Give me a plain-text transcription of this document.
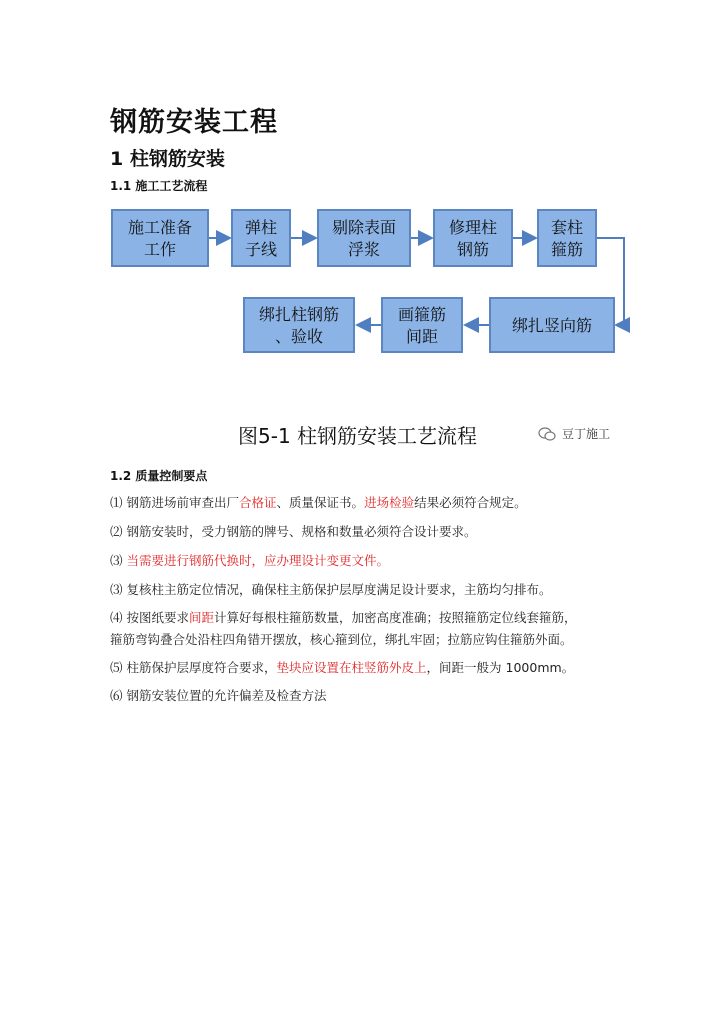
钢筋安装工程
1 柱钢筋安装
1.1 施工工艺流程
施工准备
工作
弹柱
子线
剔除表面
浮浆
修理柱
钢筋
套柱
箍筋
绑扎竖向筋
画箍筋
间距
绑扎柱钢筋
、验收
图5-1 柱钢筋安装工艺流程	豆丁施工
1.2 质量控制要点
⑴ 钢筋进场前审查出厂合格证、质量保证书。进场检验结果必须符合规定。
⑵ 钢筋安装时，受力钢筋的牌号、规格和数量必须符合设计要求。
⑶ 当需要进行钢筋代换时，应办理设计变更文件。
⑶ 复核柱主筋定位情况，确保柱主筋保护层厚度满足设计要求，主筋均匀排布。
⑷ 按图纸要求间距计算好每根柱箍筋数量，加密高度准确；按照箍筋定位线套箍筋，
箍筋弯钩叠合处沿柱四角错开摆放，核心箍到位，绑扎牢固；拉筋应钩住箍筋外面。
⑸ 柱筋保护层厚度符合要求，垫块应设置在柱竖筋外皮上，间距一般为 1000mm。
⑹ 钢筋安装位置的允许偏差及检查方法
